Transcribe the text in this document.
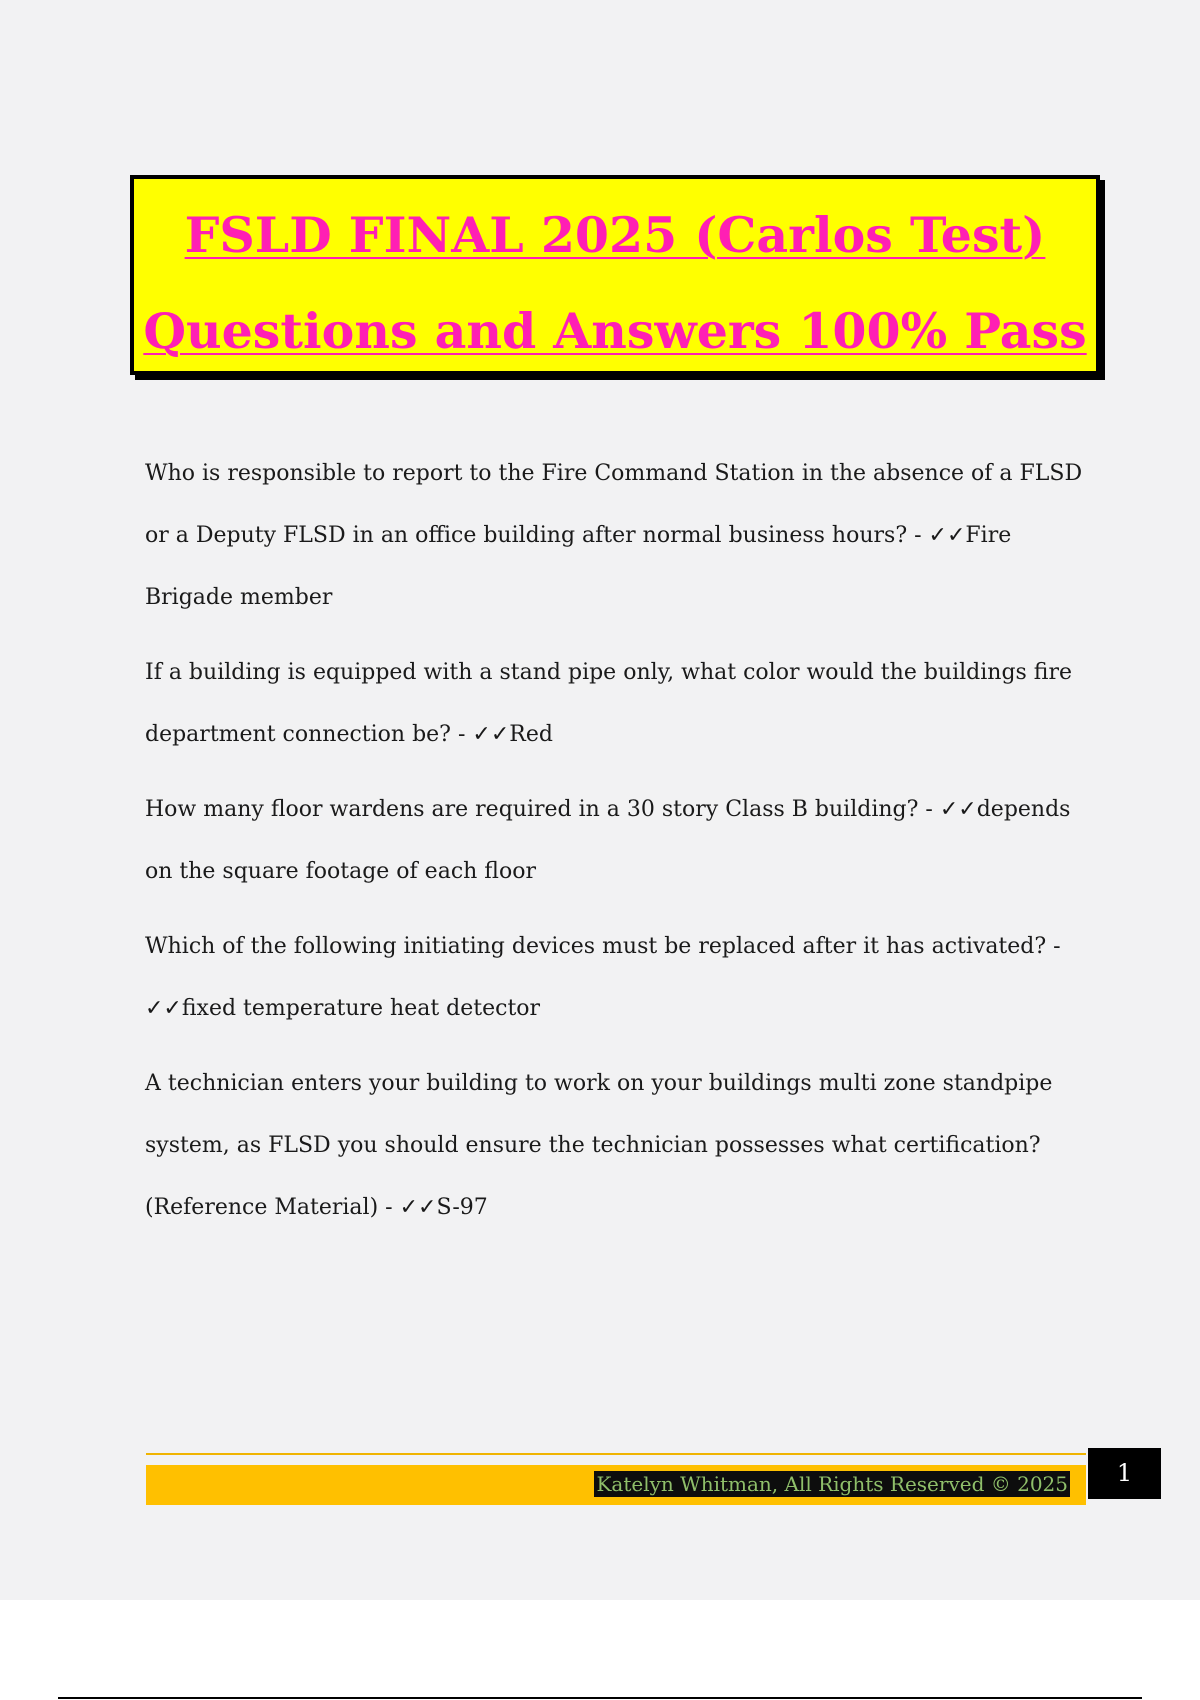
FSLD FINAL 2025 (Carlos Test)
Questions and Answers 100% Pass

Who is responsible to report to the Fire Command Station in the absence of a FLSD or a Deputy FLSD in an office building after normal business hours? - ✓✓Fire Brigade member

If a building is equipped with a stand pipe only, what color would the buildings fire department connection be? - ✓✓Red

How many floor wardens are required in a 30 story Class B building? - ✓✓depends on the square footage of each floor

Which of the following initiating devices must be replaced after it has activated? - ✓✓fixed temperature heat detector

A technician enters your building to work on your buildings multi zone standpipe system, as FLSD you should ensure the technician possesses what certification? (Reference Material) - ✓✓S-97

Katelyn Whitman, All Rights Reserved © 2025	1
